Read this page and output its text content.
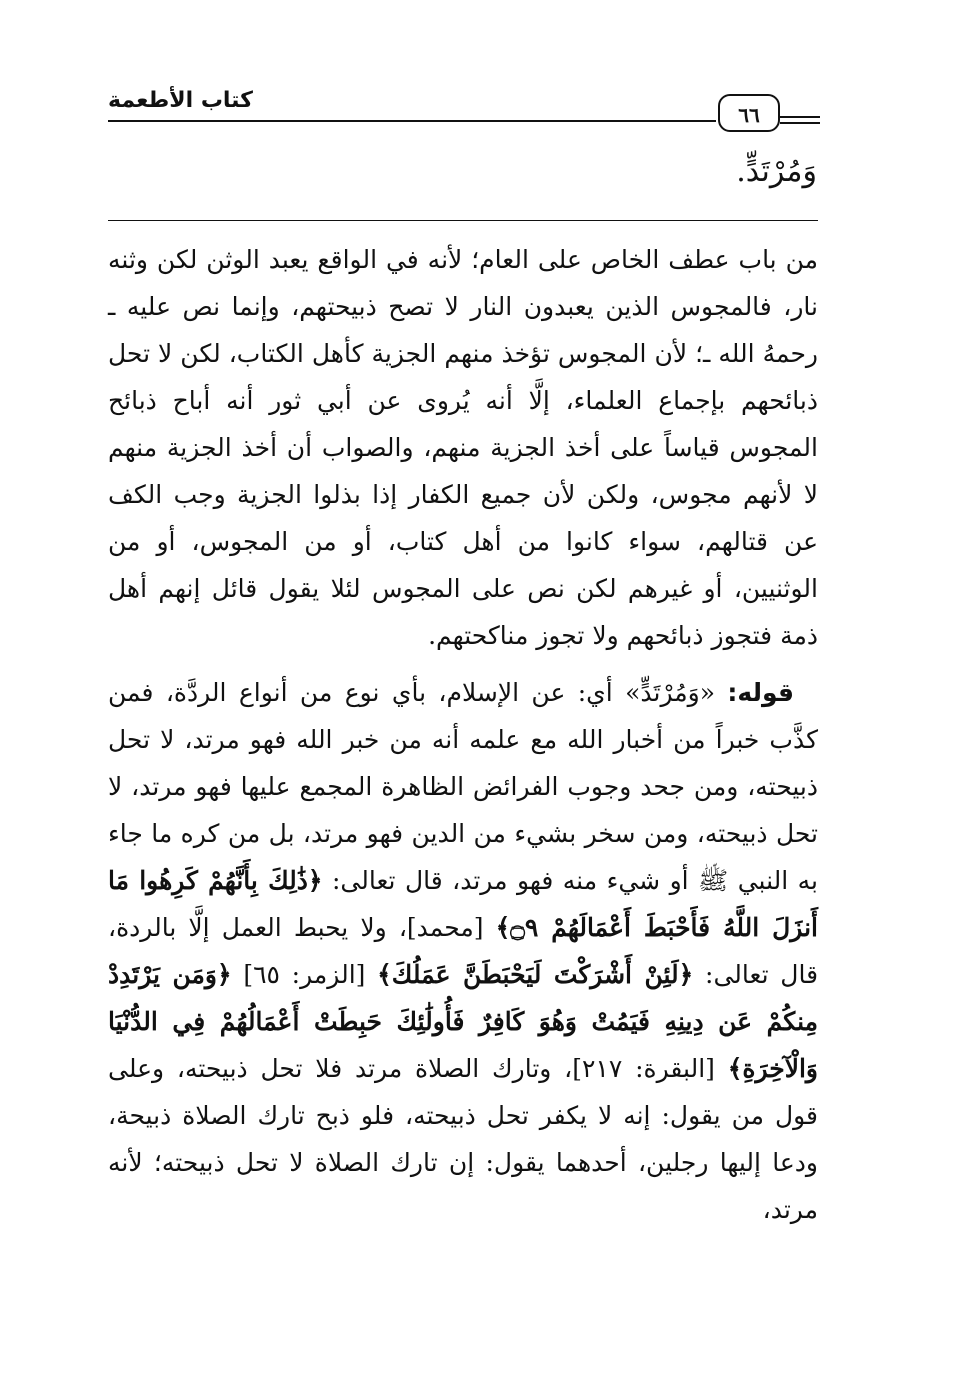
كتاب الأطعمة
٦٦

وَمُرْتَدٍّ.

من باب عطف الخاص على العام؛ لأنه في الواقع يعبد الوثن لكن وثنه نار، فالمجوس الذين يعبدون النار لا تصح ذبيحتهم، وإنما نص عليه ـ رحمهُ الله ـ؛ لأن المجوس تؤخذ منهم الجزية كأهل الكتاب، لكن لا تحل ذبائحهم بإجماع العلماء، إلَّا أنه يُروى عن أبي ثور أنه أباح ذبائح المجوس قياساً على أخذ الجزية منهم، والصواب أن أخذ الجزية منهم لا لأنهم مجوس، ولكن لأن جميع الكفار إذا بذلوا الجزية وجب الكف عن قتالهم، سواء كانوا من أهل كتاب، أو من المجوس، أو من الوثنيين، أو غيرهم لكن نص على المجوس لئلا يقول قائل إنهم أهل ذمة فتجوز ذبائحهم ولا تجوز مناكحتهم.

قوله: «وَمُرْتَدٍّ» أي: عن الإسلام، بأي نوع من أنواع الردَّة، فمن كذَّب خبراً من أخبار الله مع علمه أنه من خبر الله فهو مرتد، لا تحل ذبيحته، ومن جحد وجوب الفرائض الظاهرة المجمع عليها فهو مرتد، لا تحل ذبيحته، ومن سخر بشيء من الدين فهو مرتد، بل من كره ما جاء به النبي ﷺ أو شيء منه فهو مرتد، قال تعالى: ﴿ذَٰلِكَ بِأَنَّهُمْ كَرِهُوا مَا أَنزَلَ اللَّهُ فَأَحْبَطَ أَعْمَالَهُمْ ۝٩﴾ [محمد]، ولا يحبط العمل إلَّا بالردة، قال تعالى: ﴿لَئِنْ أَشْرَكْتَ لَيَحْبَطَنَّ عَمَلُكَ﴾ [الزمر: ٦٥] ﴿وَمَن يَرْتَدِدْ مِنكُمْ عَن دِينِهِ فَيَمُتْ وَهُوَ كَافِرٌ فَأُولَٰئِكَ حَبِطَتْ أَعْمَالُهُمْ فِي الدُّنْيَا وَالْآخِرَةِ﴾ [البقرة: ٢١٧]، وتارك الصلاة مرتد فلا تحل ذبيحته، وعلى قول من يقول: إنه لا يكفر تحل ذبيحته، فلو ذبح تارك الصلاة ذبيحة، ودعا إليها رجلين، أحدهما يقول: إن تارك الصلاة لا تحل ذبيحته؛ لأنه مرتد،
